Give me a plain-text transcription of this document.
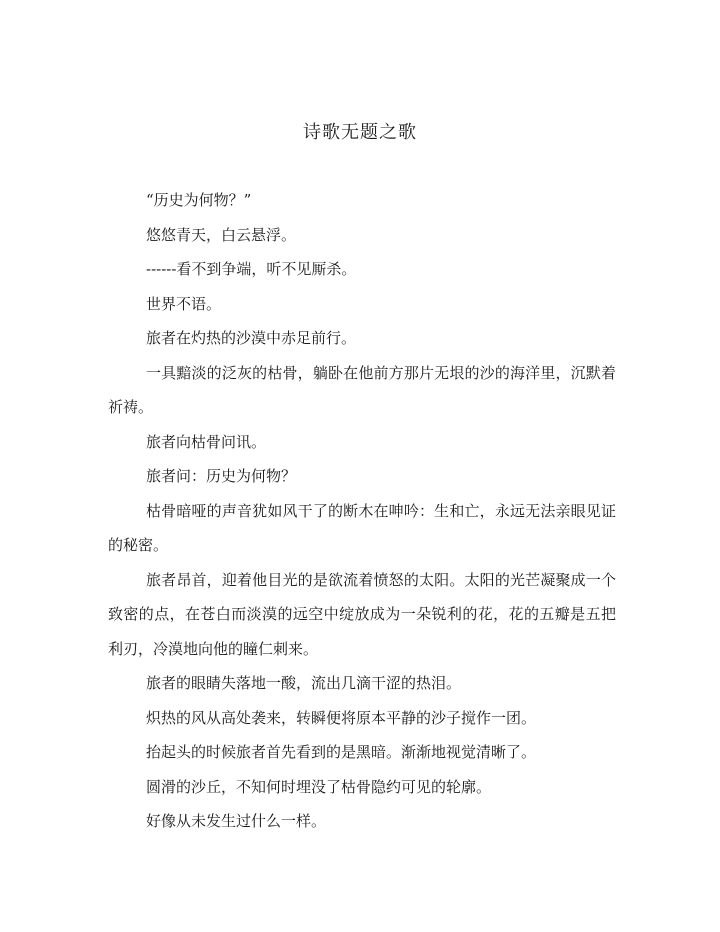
诗歌无题之歌

“历史为何物？”

悠悠青天，白云悬浮。

------看不到争端，听不见厮杀。

世界不语。

旅者在灼热的沙漠中赤足前行。

一具黯淡的泛灰的枯骨，躺卧在他前方那片无垠的沙的海洋里，沉默着祈祷。

旅者向枯骨问讯。

旅者问：历史为何物？

枯骨暗哑的声音犹如风干了的断木在呻吟：生和亡，永远无法亲眼见证的秘密。

旅者昂首，迎着他目光的是欲流着愤怒的太阳。太阳的光芒凝聚成一个致密的点，在苍白而淡漠的远空中绽放成为一朵锐利的花，花的五瓣是五把利刃，冷漠地向他的瞳仁刺来。

旅者的眼睛失落地一酸，流出几滴干涩的热泪。

炽热的风从高处袭来，转瞬便将原本平静的沙子搅作一团。

抬起头的时候旅者首先看到的是黑暗。渐渐地视觉清晰了。

圆滑的沙丘，不知何时埋没了枯骨隐约可见的轮廓。

好像从未发生过什么一样。
